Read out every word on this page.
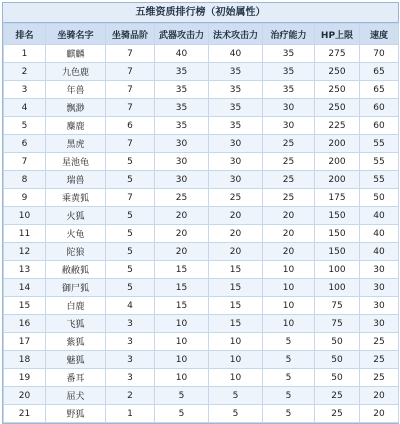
五维资质排行榜（初始属性）
排名	坐骑名字	坐骑品阶	武器攻击力	法术攻击力	治疗能力	HP上限	速度
1	麒麟	7	40	40	35	275	70
2	九色鹿	7	35	35	35	250	65
3	年兽	7	35	35	35	250	65
4	飘渺	7	35	35	30	250	60
5	麋鹿	6	35	35	30	225	60
6	黑虎	7	30	30	25	200	55
7	星池龟	5	30	30	25	200	55
8	瑞兽	5	30	30	25	200	55
9	乘黄狐	7	25	25	25	175	50
10	火狐	5	20	20	20	150	40
11	火龟	5	20	20	20	150	40
12	陀狼	5	20	20	20	150	40
13	敝敝狐	5	15	15	10	100	30
14	御尸狐	5	15	15	10	100	30
15	白鹿	4	15	15	10	75	30
16	飞狐	3	10	15	10	75	30
17	紫狐	3	10	10	5	50	25
18	魅狐	3	10	10	5	50	25
19	番耳	3	10	10	5	50	25
20	屈犬	2	5	5	5	25	20
21	野狐	1	5	5	5	25	20
